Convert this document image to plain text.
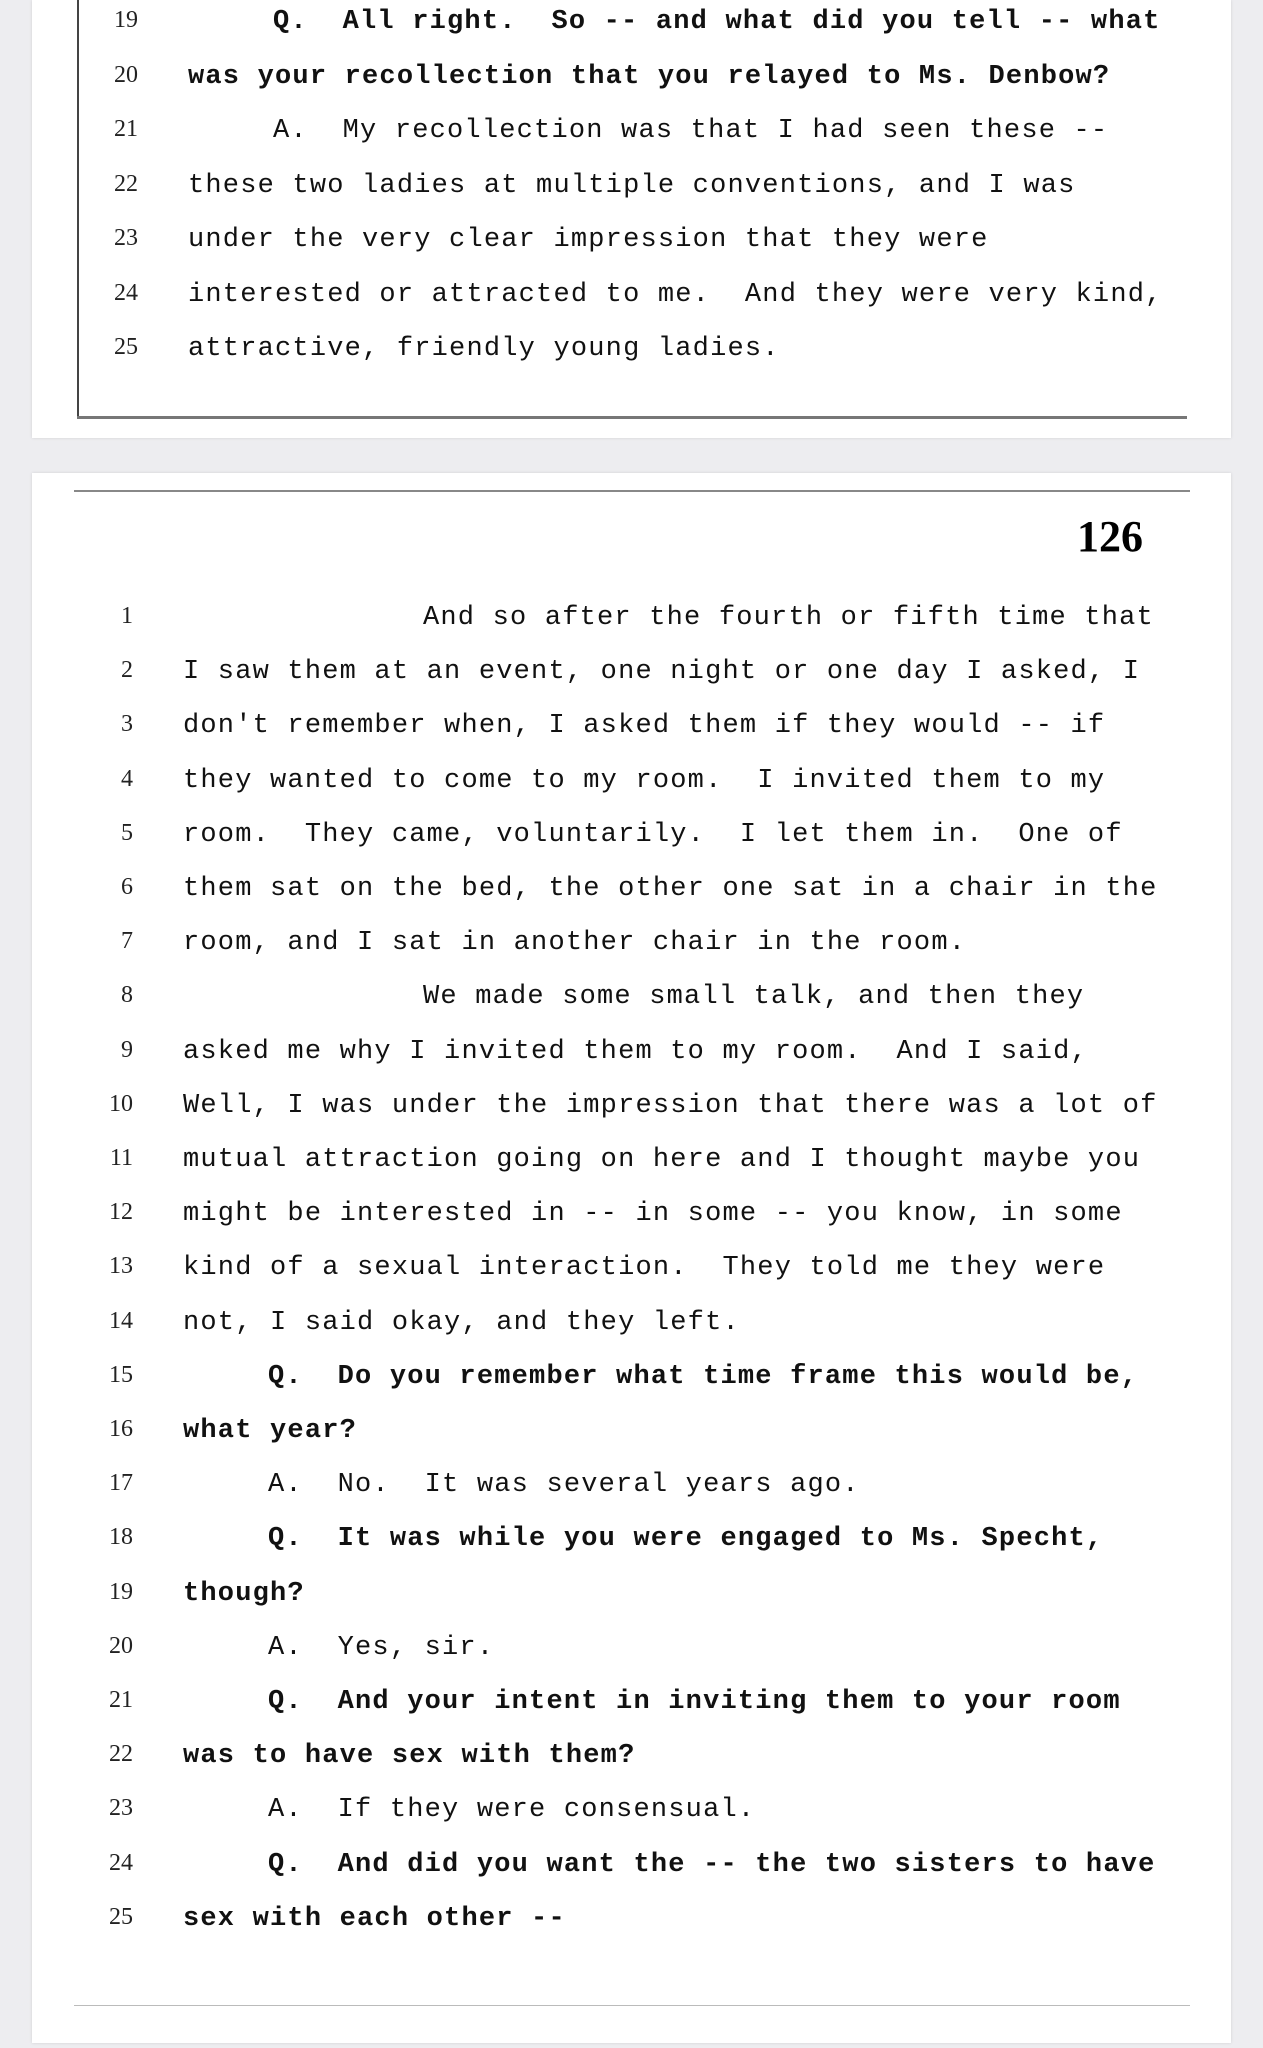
19	Q.  All right.  So -- and what did you tell -- what
20 was your recollection that you relayed to Ms. Denbow?
21	A.  My recollection was that I had seen these --
22 these two ladies at multiple conventions, and I was
23 under the very clear impression that they were
24 interested or attracted to me.  And they were very kind,
25 attractive, friendly young ladies.
126
1	And so after the fourth or fifth time that
2 I saw them at an event, one night or one day I asked, I
3 don't remember when, I asked them if they would -- if
4 they wanted to come to my room.  I invited them to my
5 room.  They came, voluntarily.  I let them in.  One of
6 them sat on the bed, the other one sat in a chair in the
7 room, and I sat in another chair in the room.
8	We made some small talk, and then they
9 asked me why I invited them to my room.  And I said,
10 Well, I was under the impression that there was a lot of
11 mutual attraction going on here and I thought maybe you
12 might be interested in -- in some -- you know, in some
13 kind of a sexual interaction.  They told me they were
14 not, I said okay, and they left.
15	Q.  Do you remember what time frame this would be,
16 what year?
17	A.  No.  It was several years ago.
18	Q.  It was while you were engaged to Ms. Specht,
19 though?
20	A.  Yes, sir.
21	Q.  And your intent in inviting them to your room
22 was to have sex with them?
23	A.  If they were consensual.
24	Q.  And did you want the -- the two sisters to have
25 sex with each other --
